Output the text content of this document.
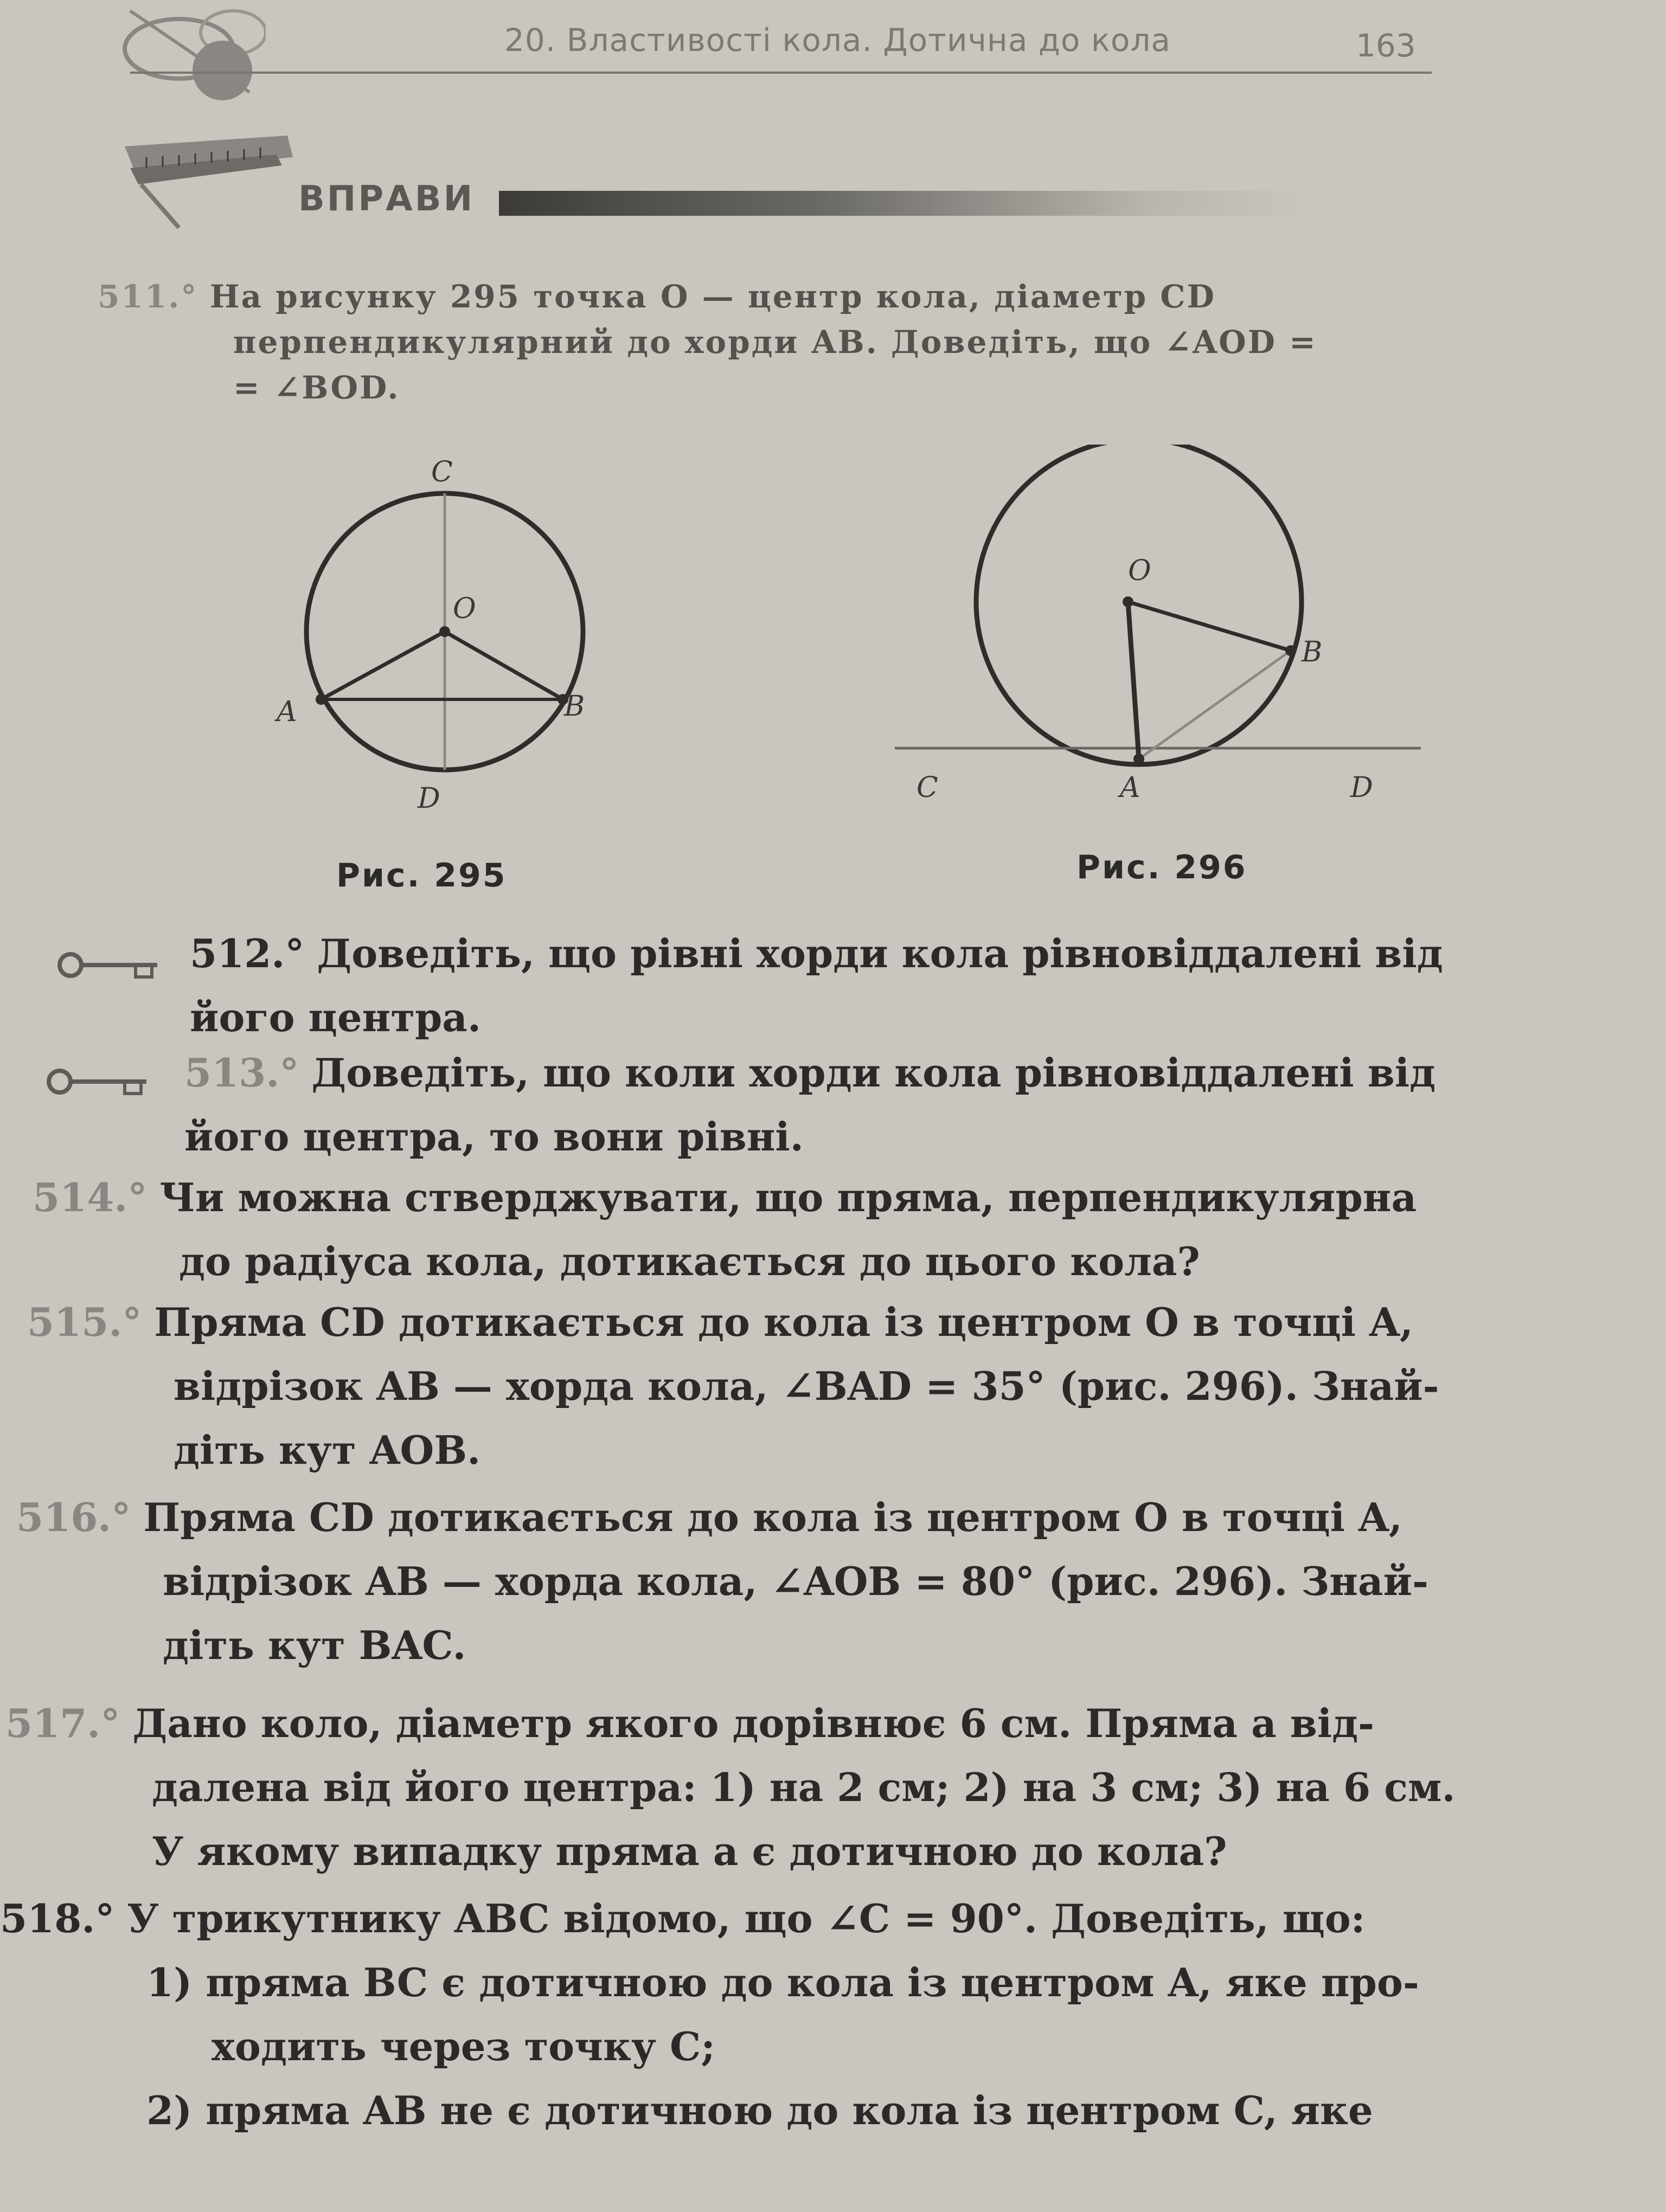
20. Властивості кола. Дотична до кола	163
ВПРАВИ
511.° На рисунку 295 точка O — центр кола, діаметр CD
перпендикулярний до хорди AB. Доведіть, що ∠AOD =
= ∠BOD.
C
O
A	B
D
Рис. 295
O
B
C	A	D
Рис. 296
512.° Доведіть, що рівні хорди кола рівновіддалені від
його центра.
513.° Доведіть, що коли хорди кола рівновіддалені від
його центра, то вони рівні.
514.° Чи можна стверджувати, що пряма, перпендикулярна
до радіуса кола, дотикається до цього кола?
515.° Пряма CD дотикається до кола із центром O в точці A,
відрізок AB — хорда кола, ∠BAD = 35° (рис. 296). Знай-
діть кут AOB.
516.° Пряма CD дотикається до кола із центром O в точці A,
відрізок AB — хорда кола, ∠AOB = 80° (рис. 296). Знай-
діть кут BAC.
517.° Дано коло, діаметр якого дорівнює 6 см. Пряма a від-
далена від його центра: 1) на 2 см; 2) на 3 см; 3) на 6 см.
У якому випадку пряма a є дотичною до кола?
518.° У трикутнику ABC відомо, що ∠C = 90°. Доведіть, що:
1) пряма BC є дотичною до кола із центром A, яке про-
ходить через точку C;
2) пряма AB не є дотичною до кола із центром C, яке
